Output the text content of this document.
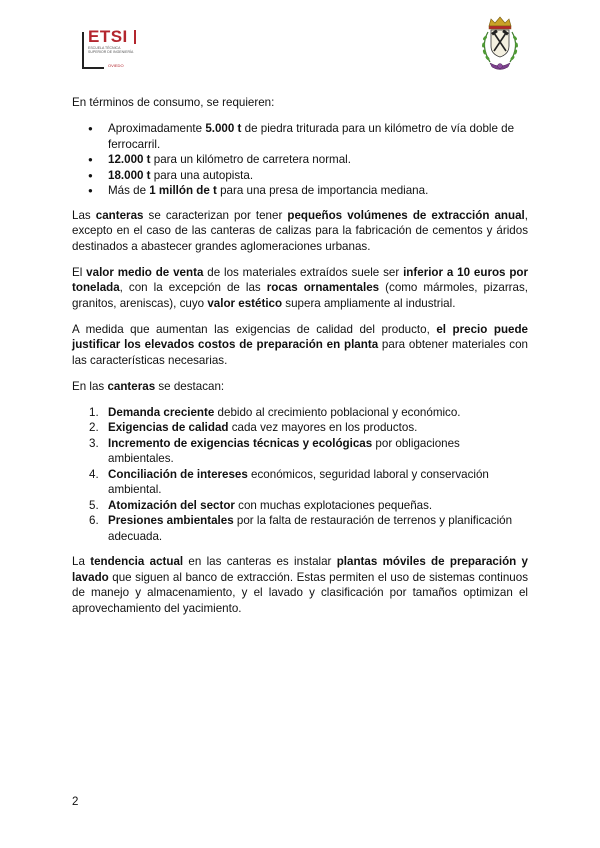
ETSI
ESCUELA TÉCNICA SUPERIOR DE INGENIERÍA
OVIEDO

En términos de consumo, se requieren:

● Aproximadamente 5.000 t de piedra triturada para un kilómetro de vía doble de ferrocarril.
● 12.000 t para un kilómetro de carretera normal.
● 18.000 t para una autopista.
● Más de 1 millón de t para una presa de importancia mediana.

Las canteras se caracterizan por tener pequeños volúmenes de extracción anual, excepto en el caso de las canteras de calizas para la fabricación de cementos y áridos destinados a abastecer grandes aglomeraciones urbanas.

El valor medio de venta de los materiales extraídos suele ser inferior a 10 euros por tonelada, con la excepción de las rocas ornamentales (como mármoles, pizarras, granitos, areniscas), cuyo valor estético supera ampliamente al industrial.

A medida que aumentan las exigencias de calidad del producto, el precio puede justificar los elevados costos de preparación en planta para obtener materiales con las características necesarias.

En las canteras se destacan:

1. Demanda creciente debido al crecimiento poblacional y económico.
2. Exigencias de calidad cada vez mayores en los productos.
3. Incremento de exigencias técnicas y ecológicas por obligaciones ambientales.
4. Conciliación de intereses económicos, seguridad laboral y conservación ambiental.
5. Atomización del sector con muchas explotaciones pequeñas.
6. Presiones ambientales por la falta de restauración de terrenos y planificación adecuada.

La tendencia actual en las canteras es instalar plantas móviles de preparación y lavado que siguen al banco de extracción. Estas permiten el uso de sistemas continuos de manejo y almacenamiento, y el lavado y clasificación por tamaños optimizan el aprovechamiento del yacimiento.

2
